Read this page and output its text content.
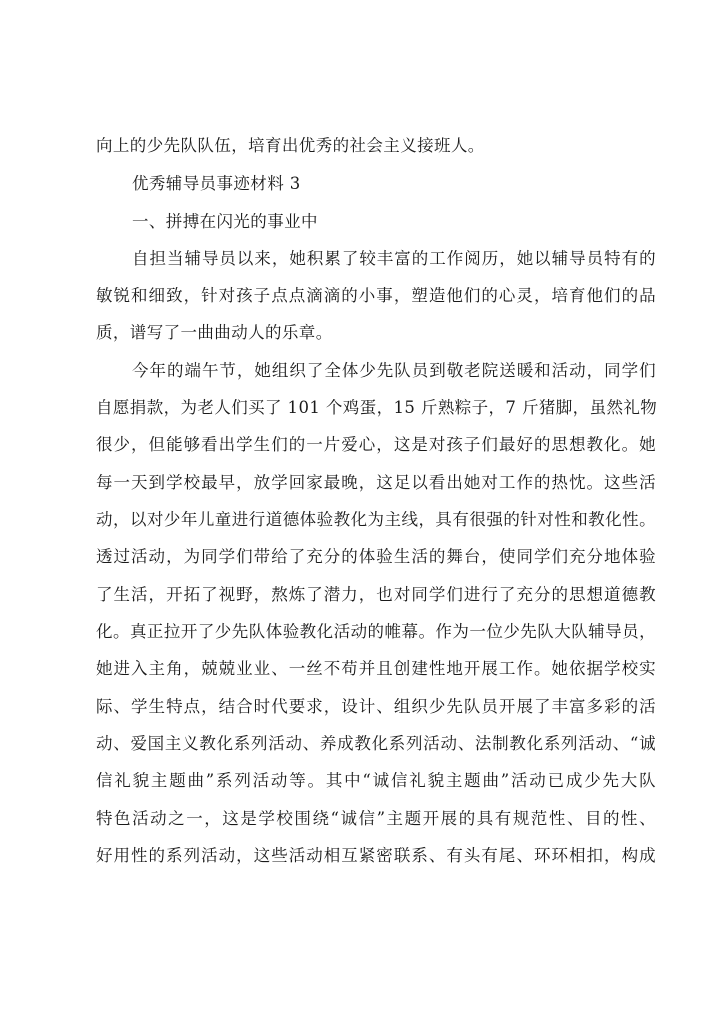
向上的少先队队伍，培育出优秀的社会主义接班人。
优秀辅导员事迹材料 3
一、拼搏在闪光的事业中
自担当辅导员以来，她积累了较丰富的工作阅历，她以辅导员特有的
敏锐和细致，针对孩子点点滴滴的小事，塑造他们的心灵，培育他们的品
质，谱写了一曲曲动人的乐章。
今年的端午节，她组织了全体少先队员到敬老院送暖和活动，同学们
自愿捐款，为老人们买了 101 个鸡蛋，15 斤熟粽子，7 斤猪脚，虽然礼物
很少，但能够看出学生们的一片爱心，这是对孩子们最好的思想教化。她
每一天到学校最早，放学回家最晚，这足以看出她对工作的热忱。这些活
动，以对少年儿童进行道德体验教化为主线，具有很强的针对性和教化性。
透过活动，为同学们带给了充分的体验生活的舞台，使同学们充分地体验
了生活，开拓了视野，熬炼了潜力，也对同学们进行了充分的思想道德教
化。真正拉开了少先队体验教化活动的帷幕。作为一位少先队大队辅导员，
她进入主角，兢兢业业、一丝不苟并且创建性地开展工作。她依据学校实
际、学生特点，结合时代要求，设计、组织少先队员开展了丰富多彩的活
动、爱国主义教化系列活动、养成教化系列活动、法制教化系列活动、“诚
信礼貌主题曲”系列活动等。其中“诚信礼貌主题曲”活动已成少先大队
特色活动之一，这是学校围绕“诚信”主题开展的具有规范性、目的性、
好用性的系列活动，这些活动相互紧密联系、有头有尾、环环相扣，构成
